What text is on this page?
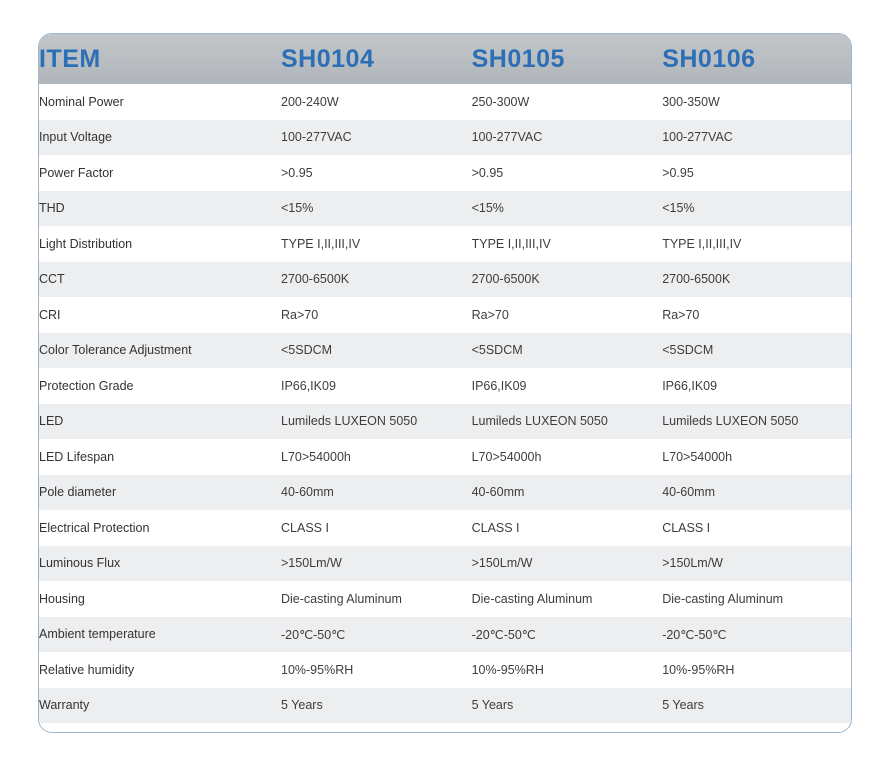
ITEM	SH0104	SH0105	SH0106
Nominal Power	200-240W	250-300W	300-350W
Input Voltage	100-277VAC	100-277VAC	100-277VAC
Power Factor	>0.95	>0.95	>0.95
THD	<15%	<15%	<15%
Light Distribution	TYPE I,II,III,IV	TYPE I,II,III,IV	TYPE I,II,III,IV
CCT	2700-6500K	2700-6500K	2700-6500K
CRI	Ra>70	Ra>70	Ra>70
Color Tolerance Adjustment	<5SDCM	<5SDCM	<5SDCM
Protection Grade	IP66,IK09	IP66,IK09	IP66,IK09
LED	Lumileds LUXEON 5050	Lumileds LUXEON 5050	Lumileds LUXEON 5050
LED Lifespan	L70>54000h	L70>54000h	L70>54000h
Pole diameter	40-60mm	40-60mm	40-60mm
Electrical Protection	CLASS I	CLASS I	CLASS I
Luminous Flux	>150Lm/W	>150Lm/W	>150Lm/W
Housing	Die-casting Aluminum	Die-casting Aluminum	Die-casting Aluminum
Ambient temperature	-20℃-50℃	-20℃-50℃	-20℃-50℃
Relative humidity	10%-95%RH	10%-95%RH	10%-95%RH
Warranty	5 Years	5 Years	5 Years
